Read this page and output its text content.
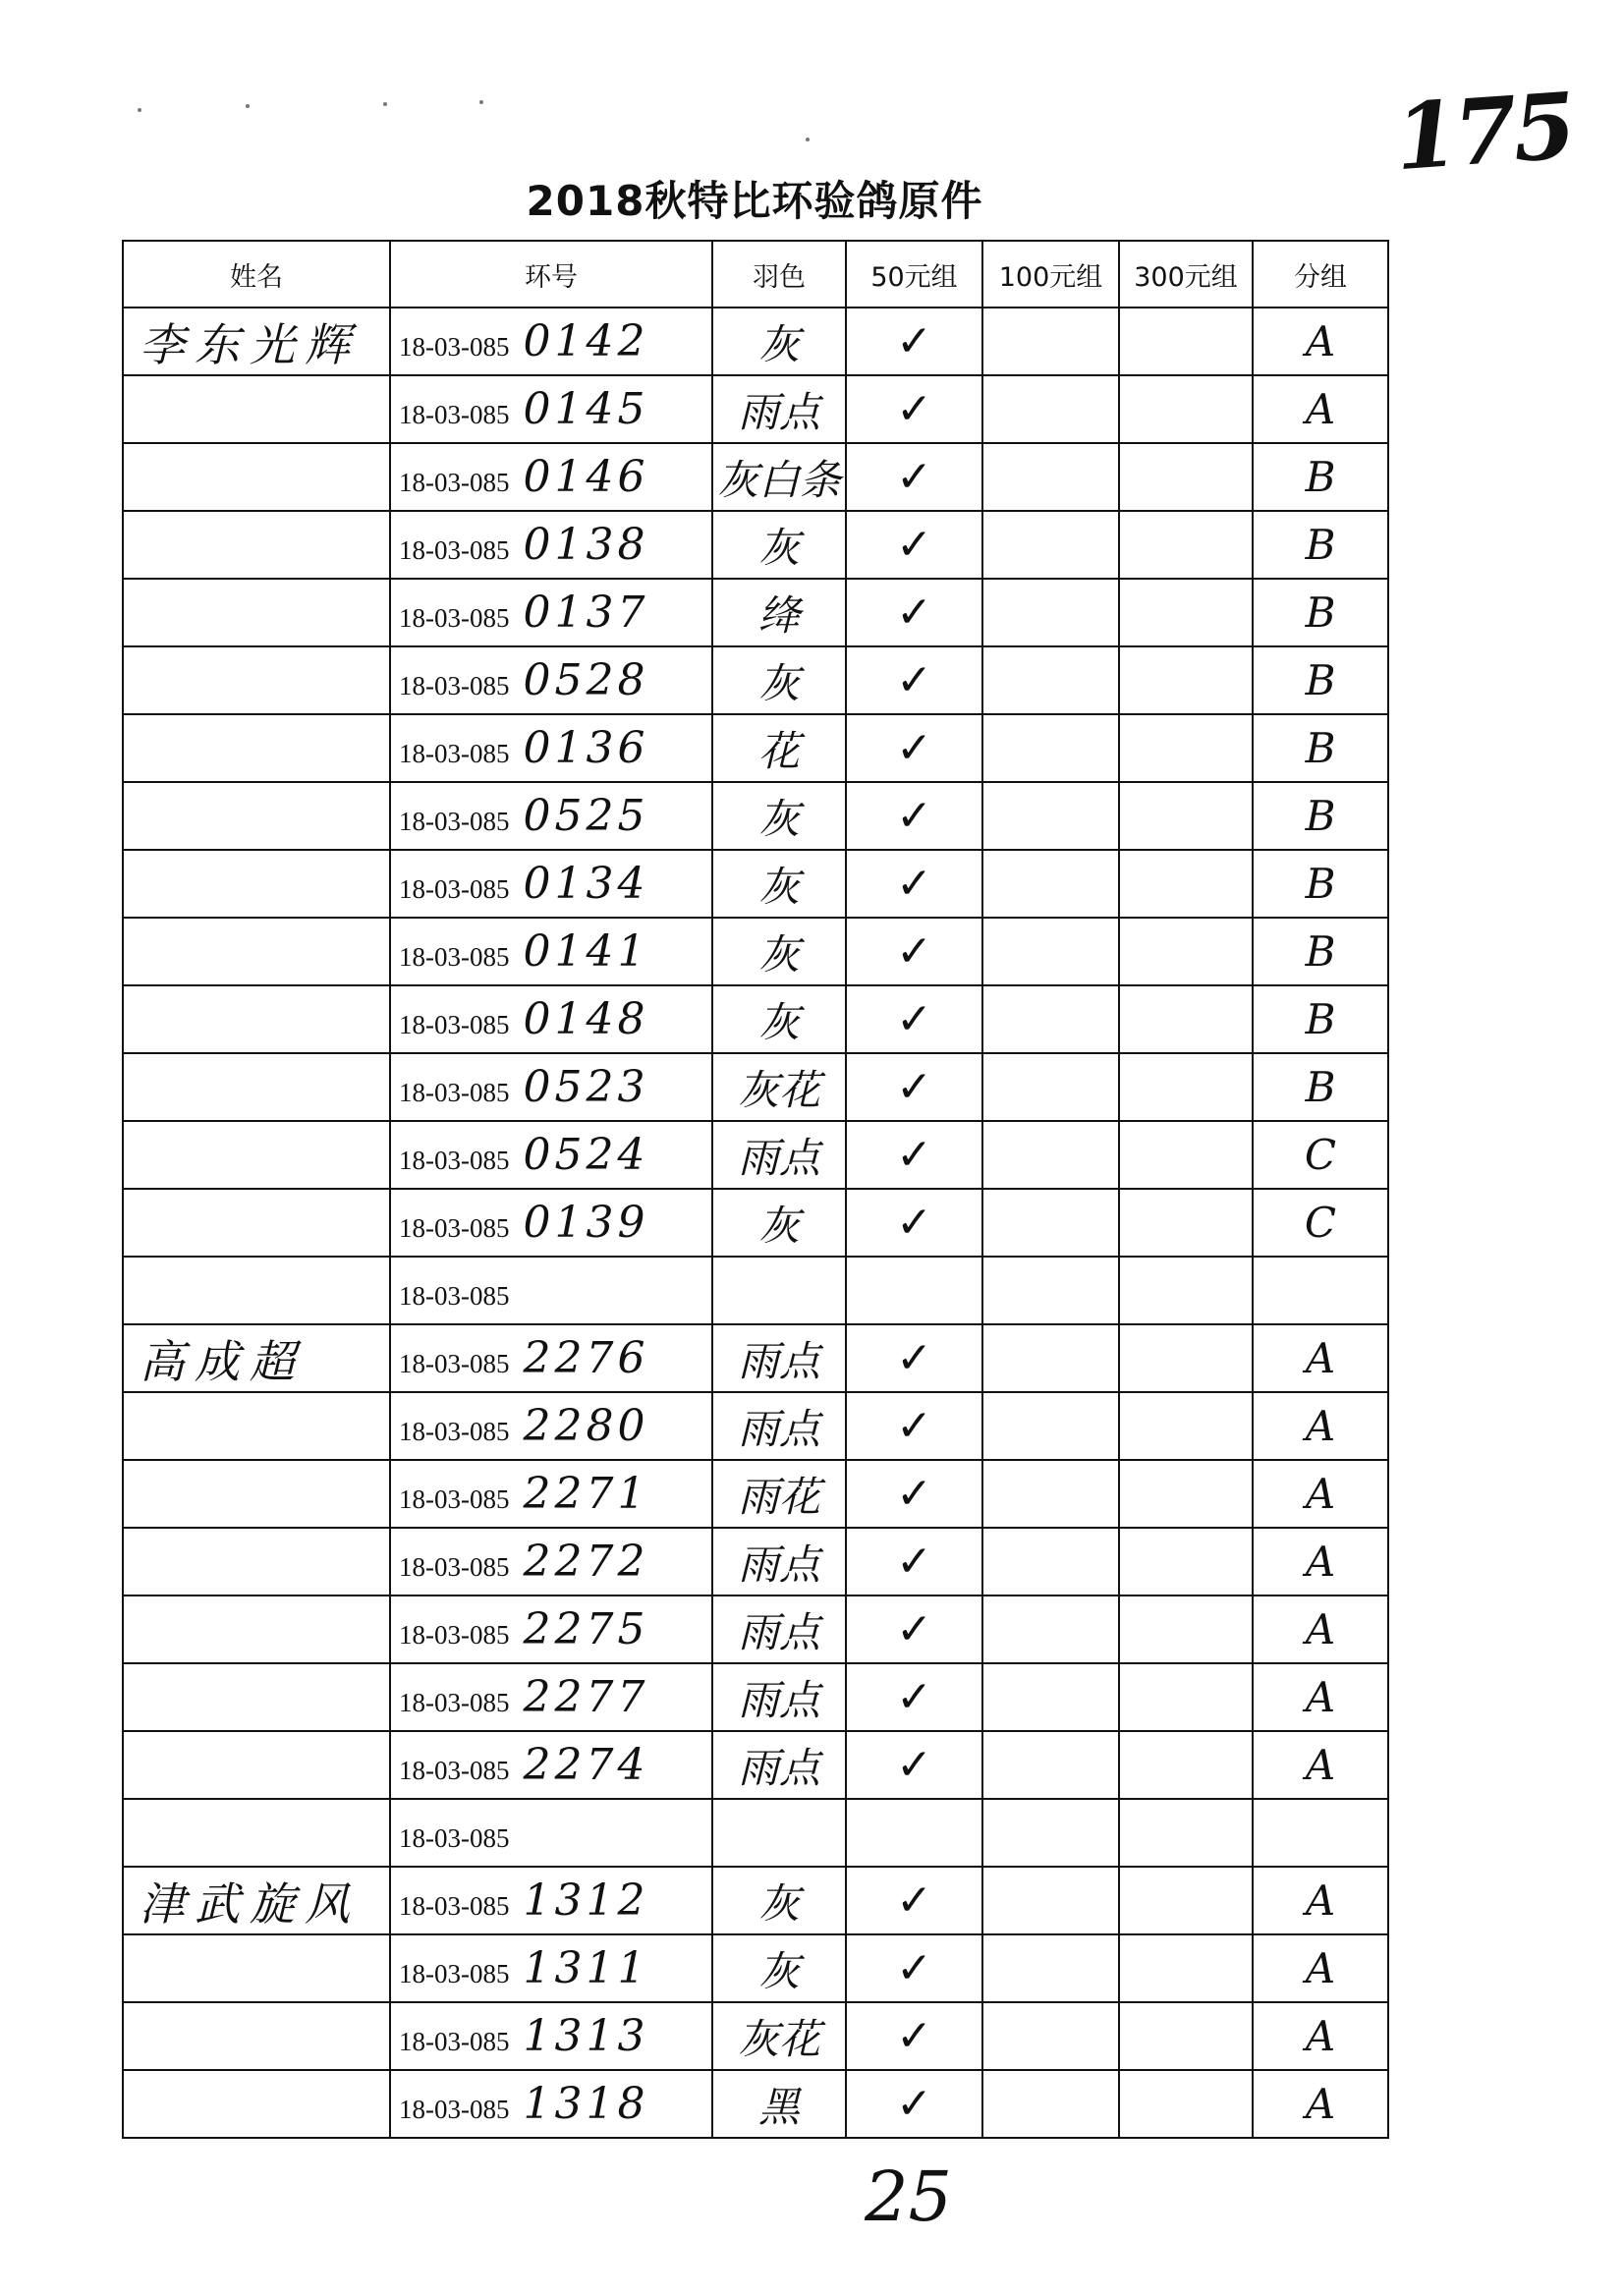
175
2018秋特比环验鸽原件
姓名	环号	羽色	50元组	100元组	300元组	分组
李东光辉	18-03-085 0142	灰	✓			A
	18-03-085 0145	雨点	✓			A
	18-03-085 0146	灰白条	✓			B
	18-03-085 0138	灰	✓			B
	18-03-085 0137	绛	✓			B
	18-03-085 0528	灰	✓			B
	18-03-085 0136	花	✓			B
	18-03-085 0525	灰	✓			B
	18-03-085 0134	灰	✓			B
	18-03-085 0141	灰	✓			B
	18-03-085 0148	灰	✓			B
	18-03-085 0523	灰花	✓			B
	18-03-085 0524	雨点	✓			C
	18-03-085 0139	灰	✓			C
	18-03-085					
高成超	18-03-085 2276	雨点	✓			A
	18-03-085 2280	雨点	✓			A
	18-03-085 2271	雨花	✓			A
	18-03-085 2272	雨点	✓			A
	18-03-085 2275	雨点	✓			A
	18-03-085 2277	雨点	✓			A
	18-03-085 2274	雨点	✓			A
	18-03-085					
津武旋风	18-03-085 1312	灰	✓			A
	18-03-085 1311	灰	✓			A
	18-03-085 1313	灰花	✓			A
	18-03-085 1318	黑	✓			A
25
